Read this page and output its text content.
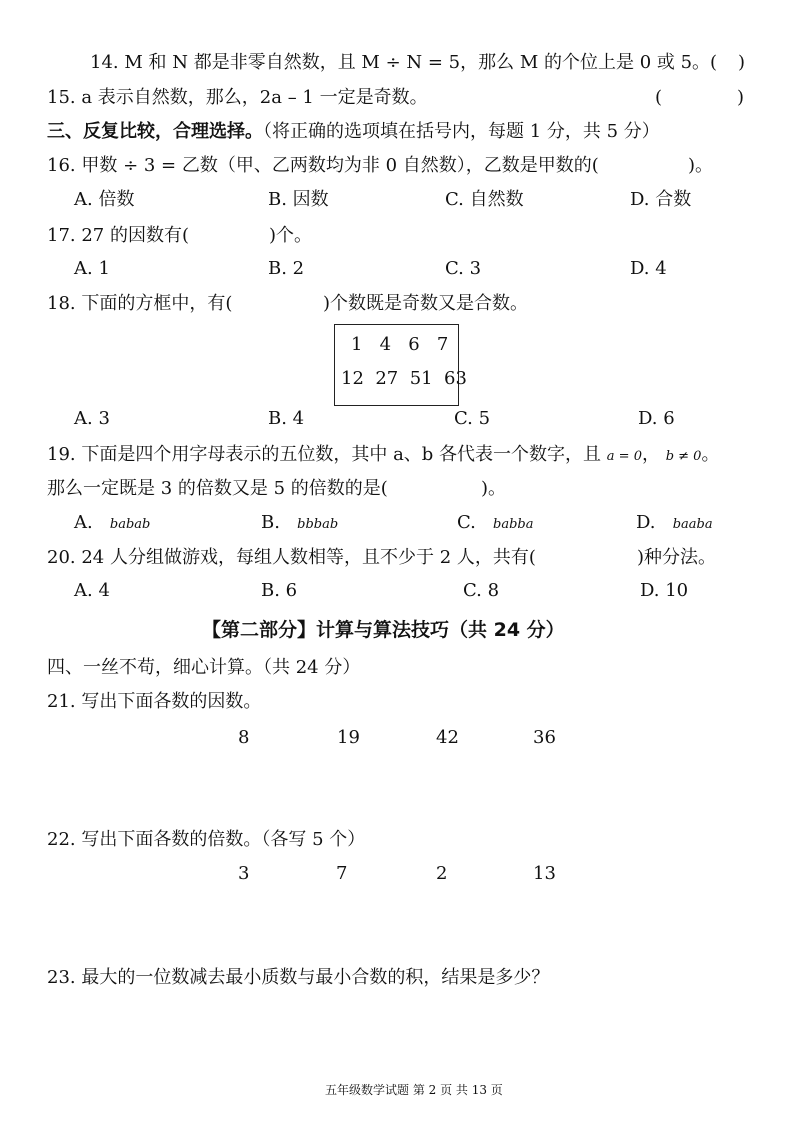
14. M 和 N 都是非零自然数，且 M ÷ N = 5，那么 M 的个位上是 0 或 5。( )
15. a 表示自然数，那么，2a – 1 一定是奇数。	(	)
三、反复比较，合理选择。（将正确的选项填在括号内，每题 1 分，共 5 分）
16. 甲数 ÷ 3 = 乙数（甲、乙两数均为非 0 自然数），乙数是甲数的(	)。
A. 倍数	B. 因数	C. 自然数	D. 合数
17. 27 的因数有(	)个。
A. 1	B. 2	C. 3	D. 4
18. 下面的方框中，有(	)个数既是奇数又是合数。
1   4   6   7
12  27  51  63
A. 3	B. 4	C. 5	D. 6
19. 下面是四个用字母表示的五位数，其中 a、b 各代表一个数字，且 a = 0， b ≠ 0。
那么一定既是 3 的倍数又是 5 的倍数的是(	)。
A. babab	B. bbbab	C. babba	D. baaba
20. 24 人分组做游戏，每组人数相等，且不少于 2 人，共有(	)种分法。
A. 4	B. 6	C. 8	D. 10
【第二部分】计算与算法技巧（共 24 分）
四、一丝不苟，细心计算。（共 24 分）
21. 写出下面各数的因数。
8	19	42	36
22. 写出下面各数的倍数。（各写 5 个）
3	7	2	13
23. 最大的一位数减去最小质数与最小合数的积，结果是多少？
五年级数学试题 第 2 页 共 13 页
